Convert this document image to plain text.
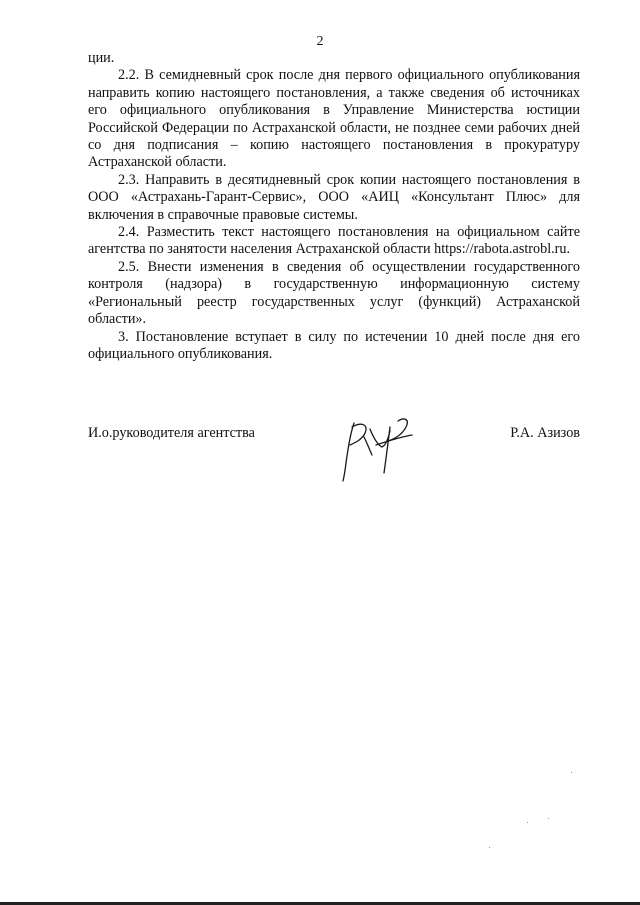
2

ции.

2.2. В семидневный срок после дня первого официального опубликования направить копию настоящего постановления, а также сведения об источниках его официального опубликования в Управление Министерства юстиции Российской Федерации по Астраханской области, не позднее семи рабочих дней со дня подписания – копию настоящего постановления в прокуратуру Астраханской области.

2.3. Направить в десятидневный срок копии настоящего постановления в ООО «Астрахань-Гарант-Сервис», ООО «АИЦ «Консультант Плюс» для включения в справочные правовые системы.

2.4. Разместить текст настоящего постановления на официальном сайте агентства по занятости населения Астраханской области https://rabota.astrobl.ru.

2.5. Внести изменения в сведения об осуществлении государственного контроля (надзора) в государственную информационную систему «Региональный реестр государственных услуг (функций) Астраханской области».

3. Постановление вступает в силу по истечении 10 дней после дня его официального опубликования.

И.о.руководителя агентства	Р.А. Азизов
